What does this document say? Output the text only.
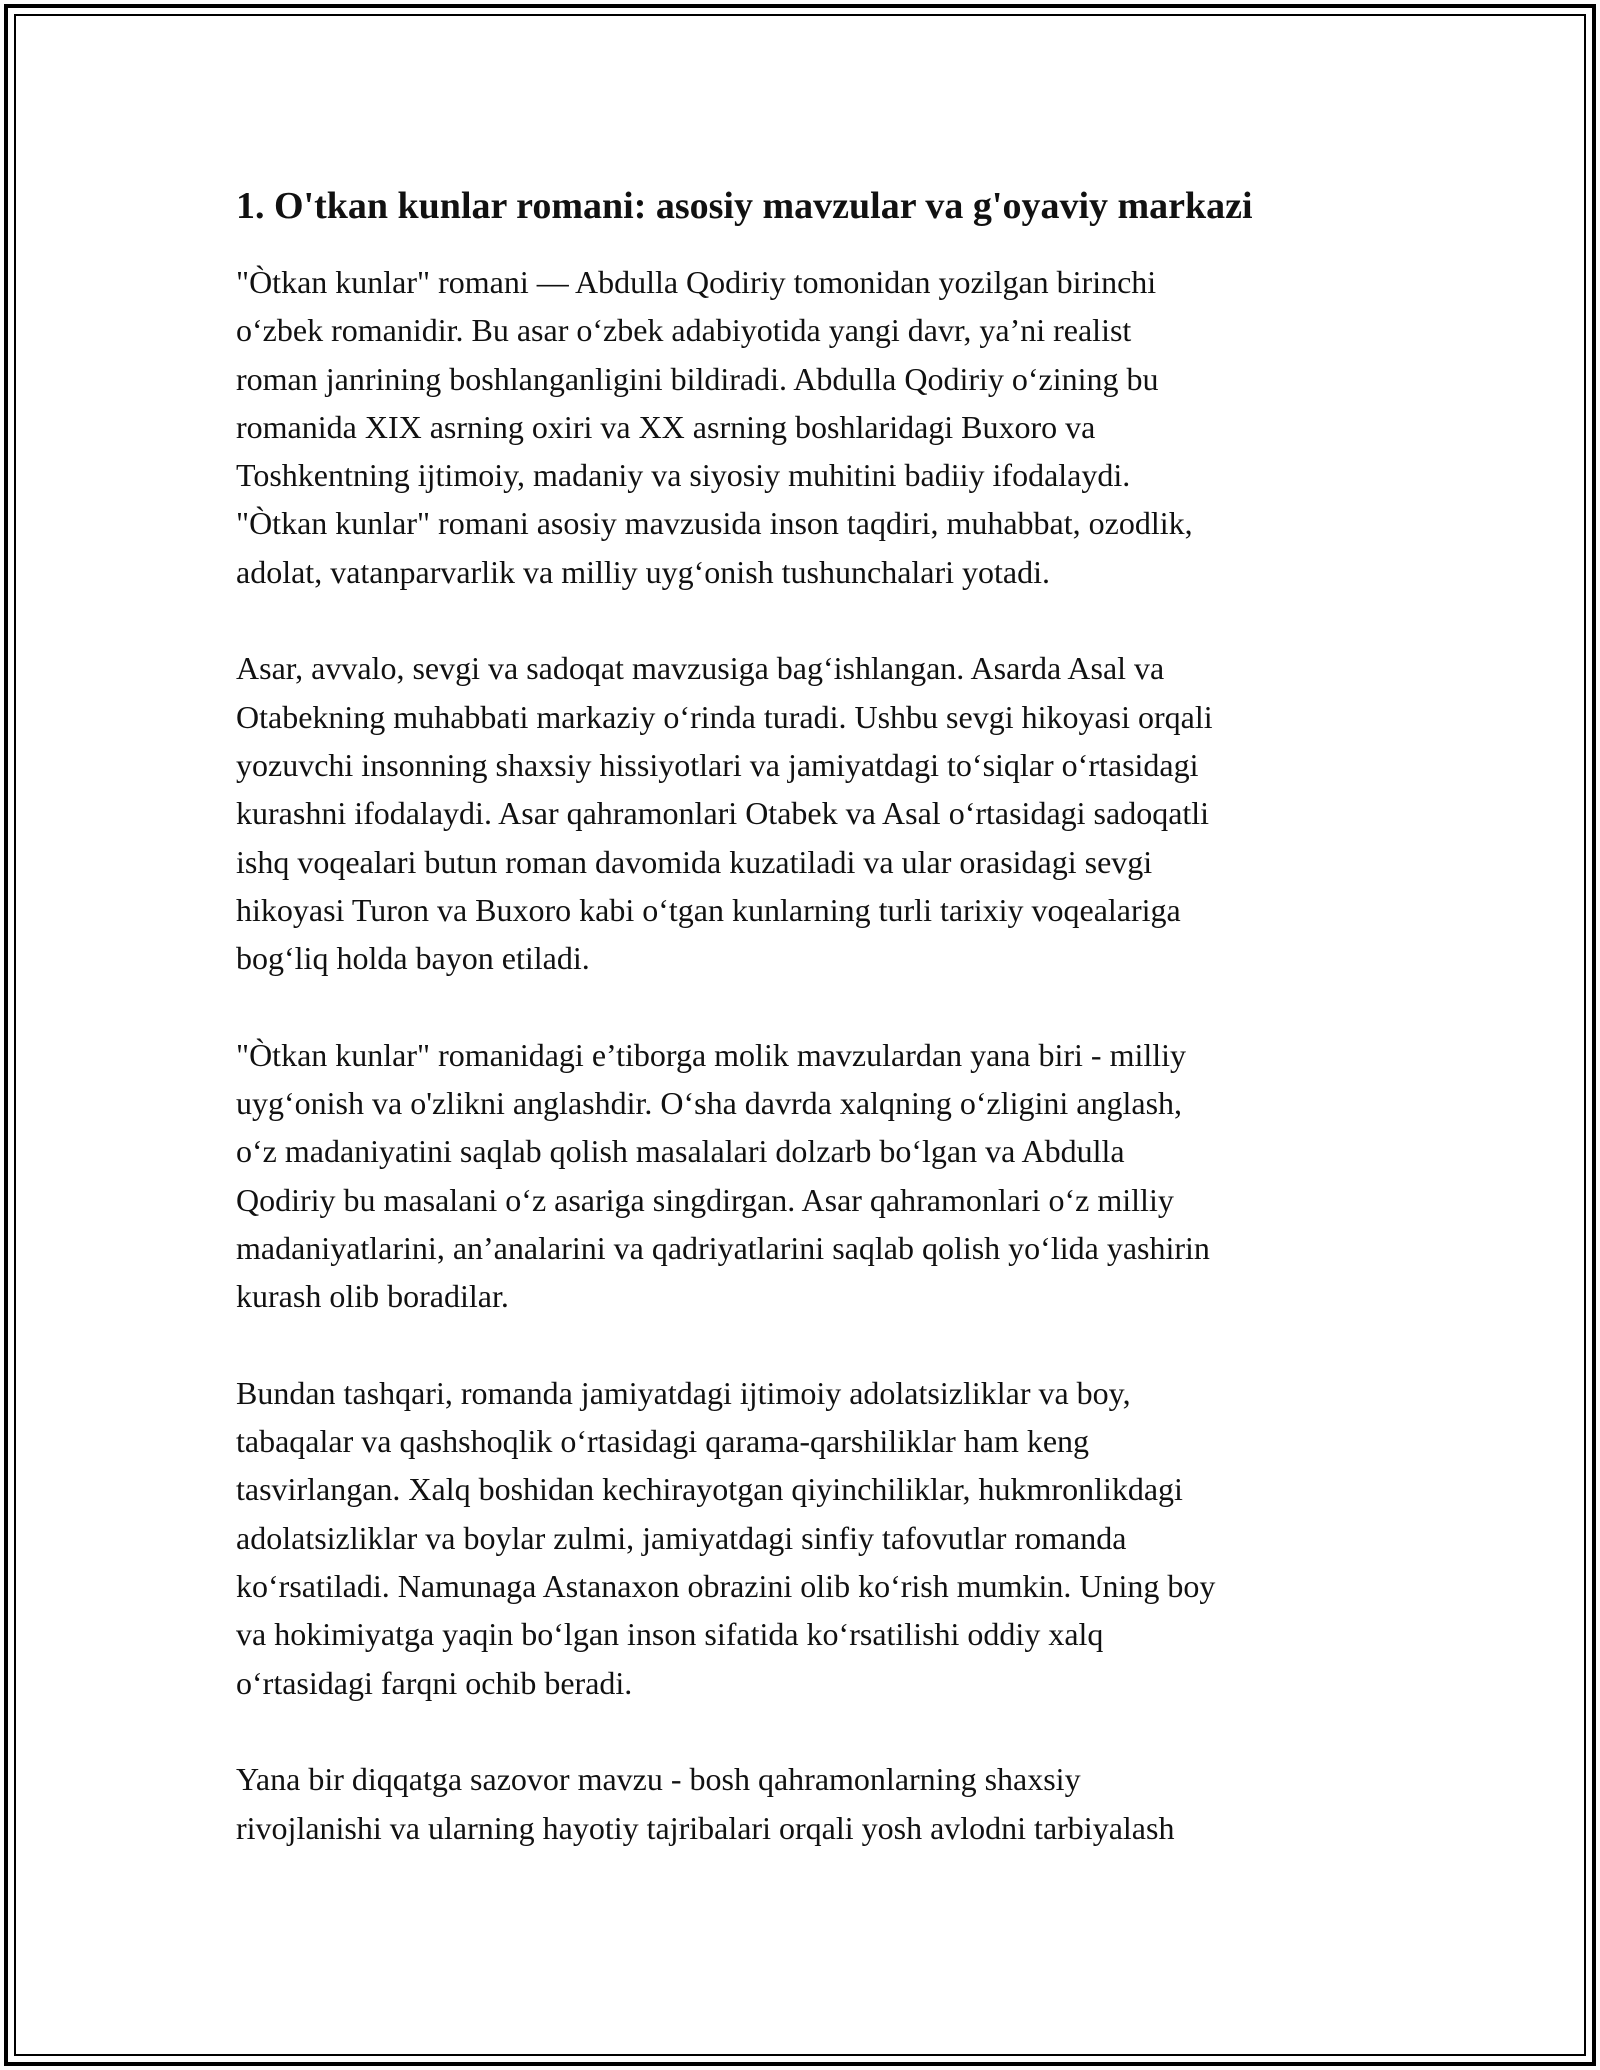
1. O'tkan kunlar romani: asosiy mavzular va g'oyaviy markazi
"Òtkan kunlar" romani — Abdulla Qodiriy tomonidan yozilgan birinchi
o‘zbek romanidir. Bu asar o‘zbek adabiyotida yangi davr, ya’ni realist
roman janrining boshlanganligini bildiradi. Abdulla Qodiriy o‘zining bu
romanida XIX asrning oxiri va XX asrning boshlaridagi Buxoro va
Toshkentning ijtimoiy, madaniy va siyosiy muhitini badiiy ifodalaydi.
"Òtkan kunlar" romani asosiy mavzusida inson taqdiri, muhabbat, ozodlik,
adolat, vatanparvarlik va milliy uyg‘onish tushunchalari yotadi.
Asar, avvalo, sevgi va sadoqat mavzusiga bag‘ishlangan. Asarda Asal va
Otabekning muhabbati markaziy o‘rinda turadi. Ushbu sevgi hikoyasi orqali
yozuvchi insonning shaxsiy hissiyotlari va jamiyatdagi to‘siqlar o‘rtasidagi
kurashni ifodalaydi. Asar qahramonlari Otabek va Asal o‘rtasidagi sadoqatli
ishq voqealari butun roman davomida kuzatiladi va ular orasidagi sevgi
hikoyasi Turon va Buxoro kabi o‘tgan kunlarning turli tarixiy voqealariga
bog‘liq holda bayon etiladi.
"Òtkan kunlar" romanidagi e’tiborga molik mavzulardan yana biri - milliy
uyg‘onish va o'zlikni anglashdir. O‘sha davrda xalqning o‘zligini anglash,
o‘z madaniyatini saqlab qolish masalalari dolzarb bo‘lgan va Abdulla
Qodiriy bu masalani o‘z asariga singdirgan. Asar qahramonlari o‘z milliy
madaniyatlarini, an’analarini va qadriyatlarini saqlab qolish yo‘lida yashirin
kurash olib boradilar.
Bundan tashqari, romanda jamiyatdagi ijtimoiy adolatsizliklar va boy,
tabaqalar va qashshoqlik o‘rtasidagi qarama-qarshiliklar ham keng
tasvirlangan. Xalq boshidan kechirayotgan qiyinchiliklar, hukmronlikdagi
adolatsizliklar va boylar zulmi, jamiyatdagi sinfiy tafovutlar romanda
ko‘rsatiladi. Namunaga Astanaxon obrazini olib ko‘rish mumkin. Uning boy
va hokimiyatga yaqin bo‘lgan inson sifatida ko‘rsatilishi oddiy xalq
o‘rtasidagi farqni ochib beradi.
Yana bir diqqatga sazovor mavzu - bosh qahramonlarning shaxsiy
rivojlanishi va ularning hayotiy tajribalari orqali yosh avlodni tarbiyalash
